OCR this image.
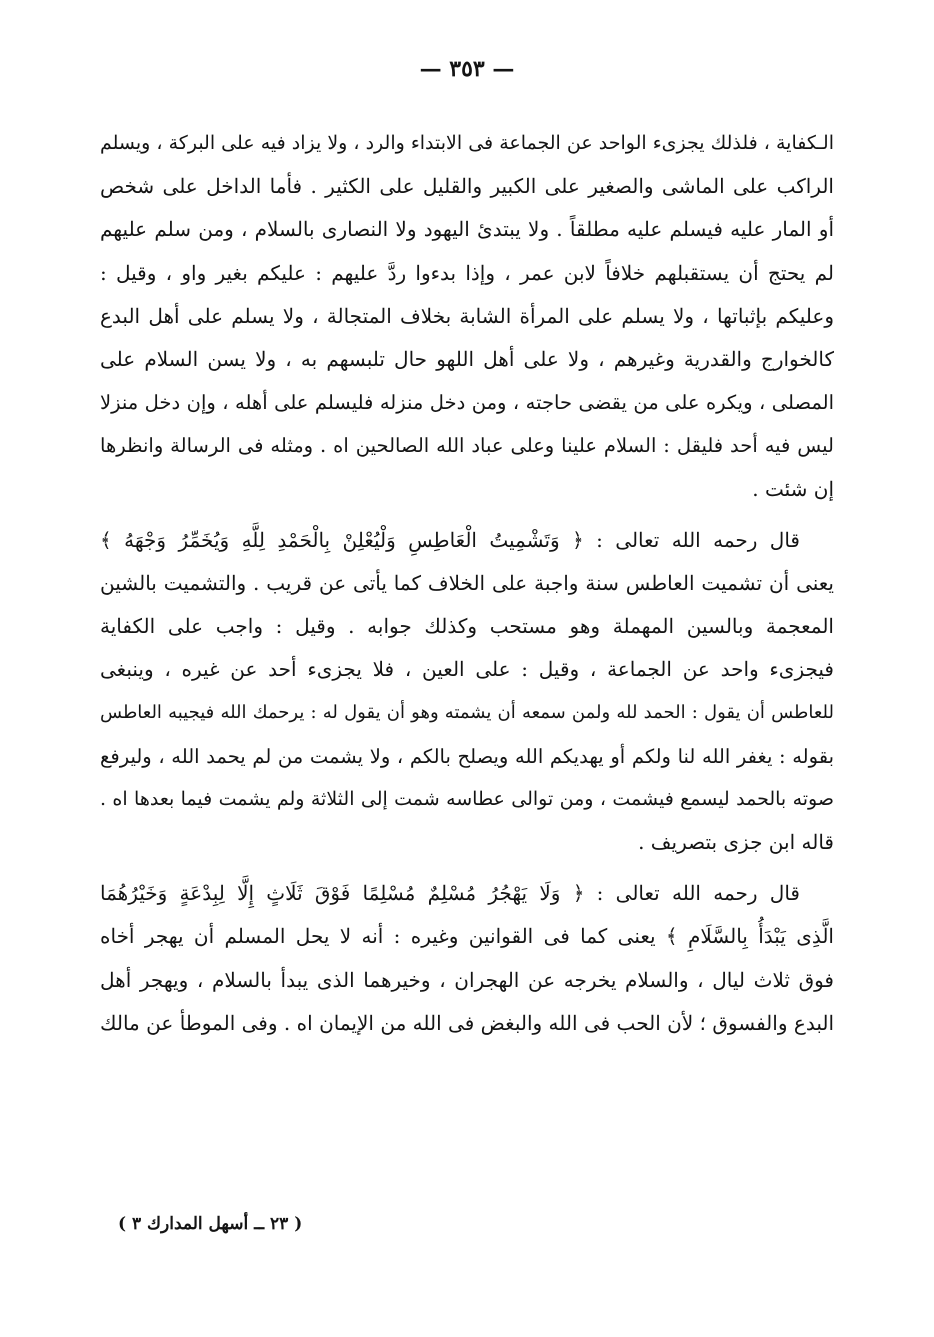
— ٣٥٣ —
الـكفاية ، فلذلك يجزىء الواحد عن الجماعة فى الابتداء والرد ، ولا يزاد فيه على البركة ، ويسلم
الراكب على الماشى والصغير على الكبير والقليل على الكثير . فأما الداخل على شخص
أو المار عليه فيسلم عليه مطلقاً . ولا يبتدئ اليهود ولا النصارى بالسلام ، ومن سلم عليهم
لم يحتج أن يستقبلهم خلافاً لابن عمر ، وإذا بدءوا ردَّ عليهم : عليكم بغير واو ، وقيل :
وعليكم بإثباتها ، ولا يسلم على المرأة الشابة بخلاف المتجالة ، ولا يسلم على أهل البدع
كالخوارج والقدرية وغيرهم ، ولا على أهل اللهو حال تلبسهم به ، ولا يسن السلام على
المصلى ، ويكره على من يقضى حاجته ، ومن دخل منزله فليسلم على أهله ، وإن دخل منزلا
ليس فيه أحد فليقل : السلام علينا وعلى عباد الله الصالحين اه . ومثله فى الرسالة وانظرها
إن شئت .
قال رحمه الله تعالى : ﴿ وَتَشْمِيتُ الْعَاطِسِ وَلْيُعْلِنْ بِالْحَمْدِ لِلَّهِ وَيُخَمِّرُ وَجْهَهُ ﴾
يعنى أن تشميت العاطس سنة واجبة على الخلاف كما يأتى عن قريب . والتشميت بالشين
المعجمة وبالسين المهملة وهو مستحب وكذلك جوابه . وقيل : واجب على الكفاية
فيجزىء واحد عن الجماعة ، وقيل : على العين ، فلا يجزىء أحد عن غيره ، وينبغى
للعاطس أن يقول : الحمد لله ولمن سمعه أن يشمته وهو أن يقول له : يرحمك الله فيجيبه العاطس
بقوله : يغفر الله لنا ولكم أو يهديكم الله ويصلح بالكم ، ولا يشمت من لم يحمد الله ، وليرفع
صوته بالحمد ليسمع فيشمت ، ومن توالى عطاسه شمت إلى الثلاثة ولم يشمت فيما بعدها اه .
قاله ابن جزى بتصريف .
قال رحمه الله تعالى : ﴿ وَلَا يَهْجُرُ مُسْلِمٌ مُسْلِمًا فَوْقَ ثَلَاثٍ إِلَّا لِبِدْعَةٍ وَخَيْرُهُمَا
الَّذِى يَبْدَأُ بِالسَّلَامِ ﴾ يعنى كما فى القوانين وغيره : أنه لا يحل المسلم أن يهجر أخاه
فوق ثلاث ليال ، والسلام يخرجه عن الهجران ، وخيرهما الذى يبدأ بالسلام ، ويهجر أهل
البدع والفسوق ؛ لأن الحب فى الله والبغض فى الله من الإيمان اه . وفى الموطأ عن مالك
( ٢٣ ــ أسهل المدارك ٣ )
